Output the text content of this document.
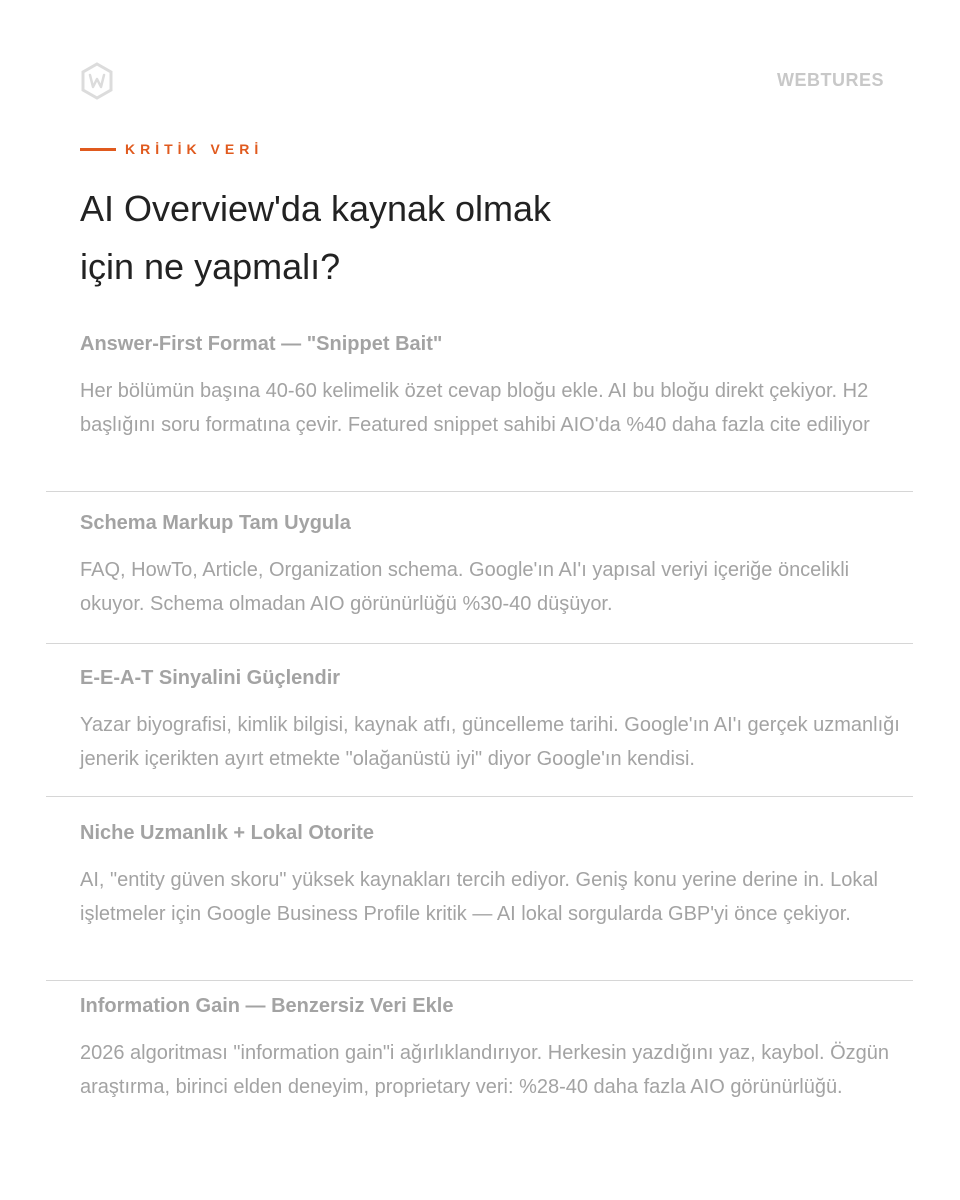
WEBTURES
KRİTİK VERİ
AI Overview'da kaynak olmak
için ne yapmalı?
Answer-First Format — "Snippet Bait"

Her bölümün başına 40-60 kelimelik özet cevap bloğu ekle. AI bu bloğu direkt çekiyor. H2 başlığını soru formatına çevir. Featured snippet sahibi AIO'da %40 daha fazla cite ediliyor

Schema Markup Tam Uygula

FAQ, HowTo, Article, Organization schema. Google'ın AI'ı yapısal veriyi içeriğe öncelikli okuyor. Schema olmadan AIO görünürlüğü %30-40 düşüyor.

E-E-A-T Sinyalini Güçlendir

Yazar biyografisi, kimlik bilgisi, kaynak atfı, güncelleme tarihi. Google'ın AI'ı gerçek uzmanlığı jenerik içerikten ayırt etmekte "olağanüstü iyi" diyor Google'ın kendisi.

Niche Uzmanlık + Lokal Otorite

AI, "entity güven skoru" yüksek kaynakları tercih ediyor. Geniş konu yerine derine in. Lokal işletmeler için Google Business Profile kritik — AI lokal sorgularda GBP'yi önce çekiyor.

Information Gain — Benzersiz Veri Ekle

2026 algoritması "information gain"i ağırlıklandırıyor. Herkesin yazdığını yaz, kaybol. Özgün araştırma, birinci elden deneyim, proprietary veri: %28-40 daha fazla AIO görünürlüğü.
